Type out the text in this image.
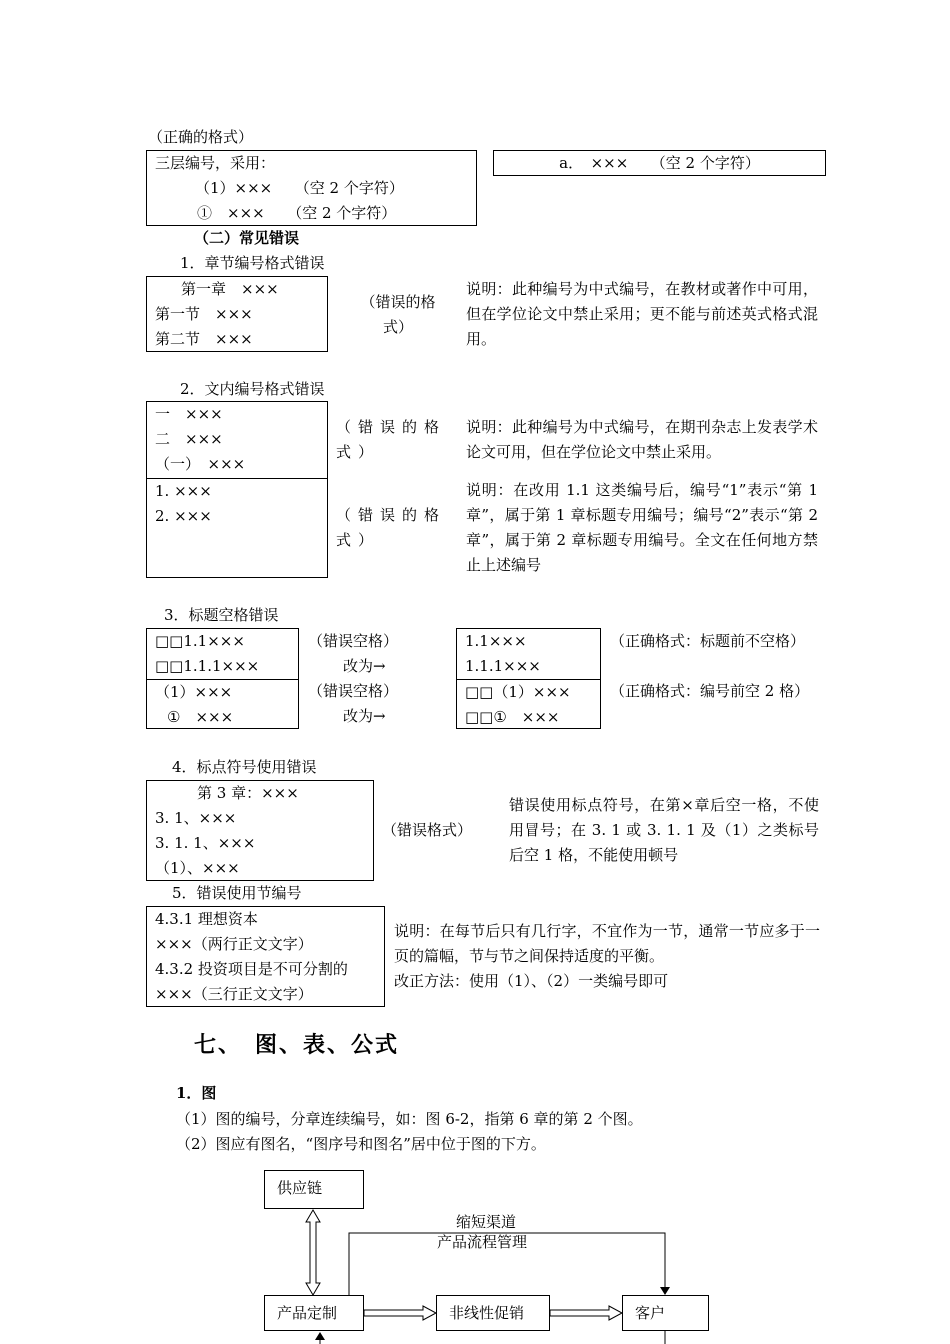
（正确的格式）
三层编号，采用：
（1）×××　　（空 2 个字符）
①　×××　　（空 2 个字符）
a．　×××　　（空 2 个字符）
（二）常见错误
1．章节编号格式错误
第一章　×××
第一节　×××
第二节　×××
（错误的格式）
说明：此种编号为中式编号，在教材或著作中可用，但在学位论文中禁止采用；更不能与前述英式格式混用。
2．文内编号格式错误
一　×××
二　×××
（一）　×××
1. ×××
2. ×××
（错误的格式）
说明：此种编号为中式编号，在期刊杂志上发表学术论文可用，但在学位论文中禁止采用。
（错误的格式）
说明：在改用 1.1 这类编号后，编号“1”表示“第 1 章”，属于第 1 章标题专用编号；编号“2”表示“第 2 章”，属于第 2 章标题专用编号。全文在任何地方禁止上述编号
3．标题空格错误
□□1.1×××
□□1.1.1×××
（1）×××
①　×××
（错误空格）
改为→
（错误空格）
改为→
1.1×××
1.1.1×××
□□（1）×××
□□①　×××
（正确格式：标题前不空格）
（正确格式：编号前空 2 格）
4．标点符号使用错误
第 3 章：×××
3. 1、×××
3. 1. 1、×××
（1）、×××
（错误格式）
错误使用标点符号，在第×章后空一格，不使用冒号；在 3. 1 或 3. 1. 1 及（1）之类标号后空 1 格，不能使用顿号
5．错误使用节编号
4.3.1 理想资本
×××（两行正文文字）
4.3.2 投资项目是不可分割的
×××（三行正文文字）
说明：在每节后只有几行字，不宜作为一节，通常一节应多于一页的篇幅，节与节之间保持适度的平衡。
改正方法：使用（1）、（2）一类编号即可
七、　图、表、公式
1．图
（1）图的编号，分章连续编号，如：图 6-2，指第 6 章的第 2 个图。
（2）图应有图名，“图序号和图名”居中位于图的下方。
供应链
缩短渠道
产品流程管理
产品定制	非线性促销	客户
